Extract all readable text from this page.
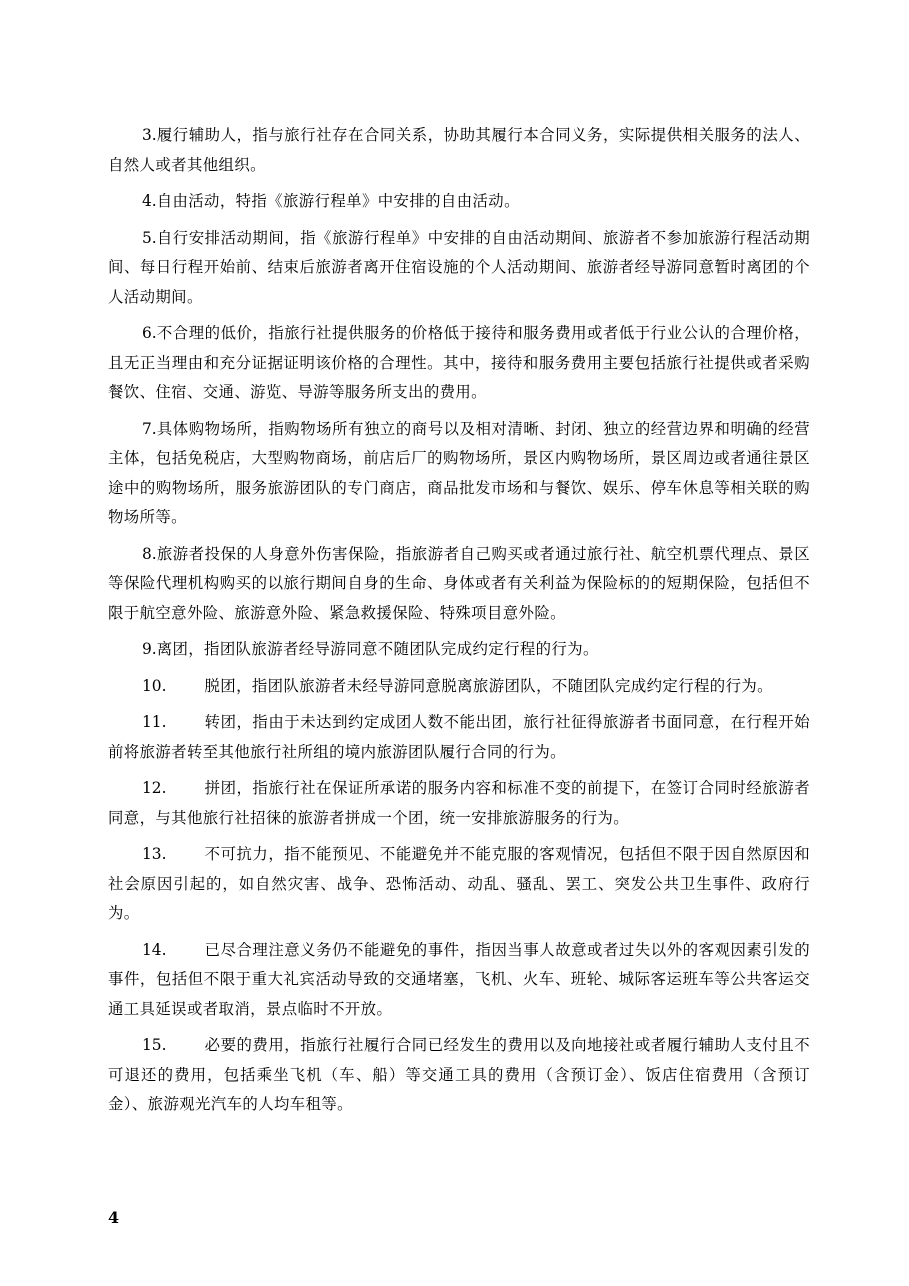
3.履行辅助人，指与旅行社存在合同关系，协助其履行本合同义务，实际提供相关服务的法人、自然人或者其他组织。

4.自由活动，特指《旅游行程单》中安排的自由活动。

5.自行安排活动期间，指《旅游行程单》中安排的自由活动期间、旅游者不参加旅游行程活动期间、每日行程开始前、结束后旅游者离开住宿设施的个人活动期间、旅游者经导游同意暂时离团的个人活动期间。

6.不合理的低价，指旅行社提供服务的价格低于接待和服务费用或者低于行业公认的合理价格，且无正当理由和充分证据证明该价格的合理性。其中，接待和服务费用主要包括旅行社提供或者采购餐饮、住宿、交通、游览、导游等服务所支出的费用。

7.具体购物场所，指购物场所有独立的商号以及相对清晰、封闭、独立的经营边界和明确的经营主体，包括免税店，大型购物商场，前店后厂的购物场所，景区内购物场所，景区周边或者通往景区途中的购物场所，服务旅游团队的专门商店，商品批发市场和与餐饮、娱乐、停车休息等相关联的购物场所等。

8.旅游者投保的人身意外伤害保险，指旅游者自己购买或者通过旅行社、航空机票代理点、景区等保险代理机构购买的以旅行期间自身的生命、身体或者有关利益为保险标的的短期保险，包括但不限于航空意外险、旅游意外险、紧急救援保险、特殊项目意外险。

9.离团，指团队旅游者经导游同意不随团队完成约定行程的行为。

10. 脱团，指团队旅游者未经导游同意脱离旅游团队，不随团队完成约定行程的行为。

11. 转团，指由于未达到约定成团人数不能出团，旅行社征得旅游者书面同意，在行程开始前将旅游者转至其他旅行社所组的境内旅游团队履行合同的行为。

12. 拼团，指旅行社在保证所承诺的服务内容和标准不变的前提下，在签订合同时经旅游者同意，与其他旅行社招徕的旅游者拼成一个团，统一安排旅游服务的行为。

13. 不可抗力，指不能预见、不能避免并不能克服的客观情况，包括但不限于因自然原因和社会原因引起的，如自然灾害、战争、恐怖活动、动乱、骚乱、罢工、突发公共卫生事件、政府行为。

14. 已尽合理注意义务仍不能避免的事件，指因当事人故意或者过失以外的客观因素引发的事件，包括但不限于重大礼宾活动导致的交通堵塞，飞机、火车、班轮、城际客运班车等公共客运交通工具延误或者取消，景点临时不开放。

15. 必要的费用，指旅行社履行合同已经发生的费用以及向地接社或者履行辅助人支付且不可退还的费用，包括乘坐飞机（车、船）等交通工具的费用（含预订金）、饭店住宿费用（含预订金）、旅游观光汽车的人均车租等。

4
